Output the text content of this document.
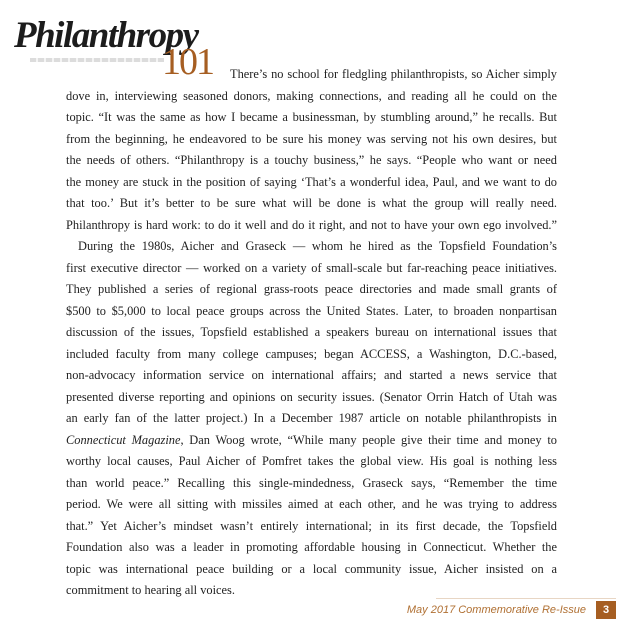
Philanthropy
101	There’s no school for fledgling philanthropists, so Aicher simply
dove in, interviewing seasoned donors, making connections, and reading all he could on the
topic. “It was the same as how I became a businessman, by stumbling around,” he recalls. But
from the beginning, he endeavored to be sure his money was serving not his own desires, but
the needs of others. “Philanthropy is a touchy business,” he says. “People who want or need
the money are stuck in the position of saying ‘That’s a wonderful idea, Paul, and we want to do
that too.’ But it’s better to be sure what will be done is what the group will really need.
Philanthropy is hard work: to do it well and do it right, and not to have your own ego involved.”
During the 1980s, Aicher and Graseck — whom he hired as the Topsfield Foundation’s
first executive director — worked on a variety of small-scale but far-reaching peace initiatives.
They published a series of regional grass-roots peace directories and made small grants of
$500 to $5,000 to local peace groups across the United States. Later, to broaden nonpartisan
discussion of the issues, Topsfield established a speakers bureau on international issues that
included faculty from many college campuses; began ACCESS, a Washington, D.C.-based,
non-advocacy information service on international affairs; and started a news service that
presented diverse reporting and opinions on security issues. (Senator Orrin Hatch of Utah was
an early fan of the latter project.) In a December 1987 article on notable philanthropists in
Connecticut Magazine, Dan Woog wrote, “While many people give their time and money to
worthy local causes, Paul Aicher of Pomfret takes the global view. His goal is nothing less
than world peace.” Recalling this single-mindedness, Graseck says, “Remember the time
period. We were all sitting with missiles aimed at each other, and he was trying to address
that.” Yet Aicher’s mindset wasn’t entirely international; in its first decade, the Topsfield
Foundation also was a leader in promoting affordable housing in Connecticut. Whether the
topic was international peace building or a local community issue, Aicher insisted on a
commitment to hearing all voices.
May 2017 Commemorative Re-Issue	3
